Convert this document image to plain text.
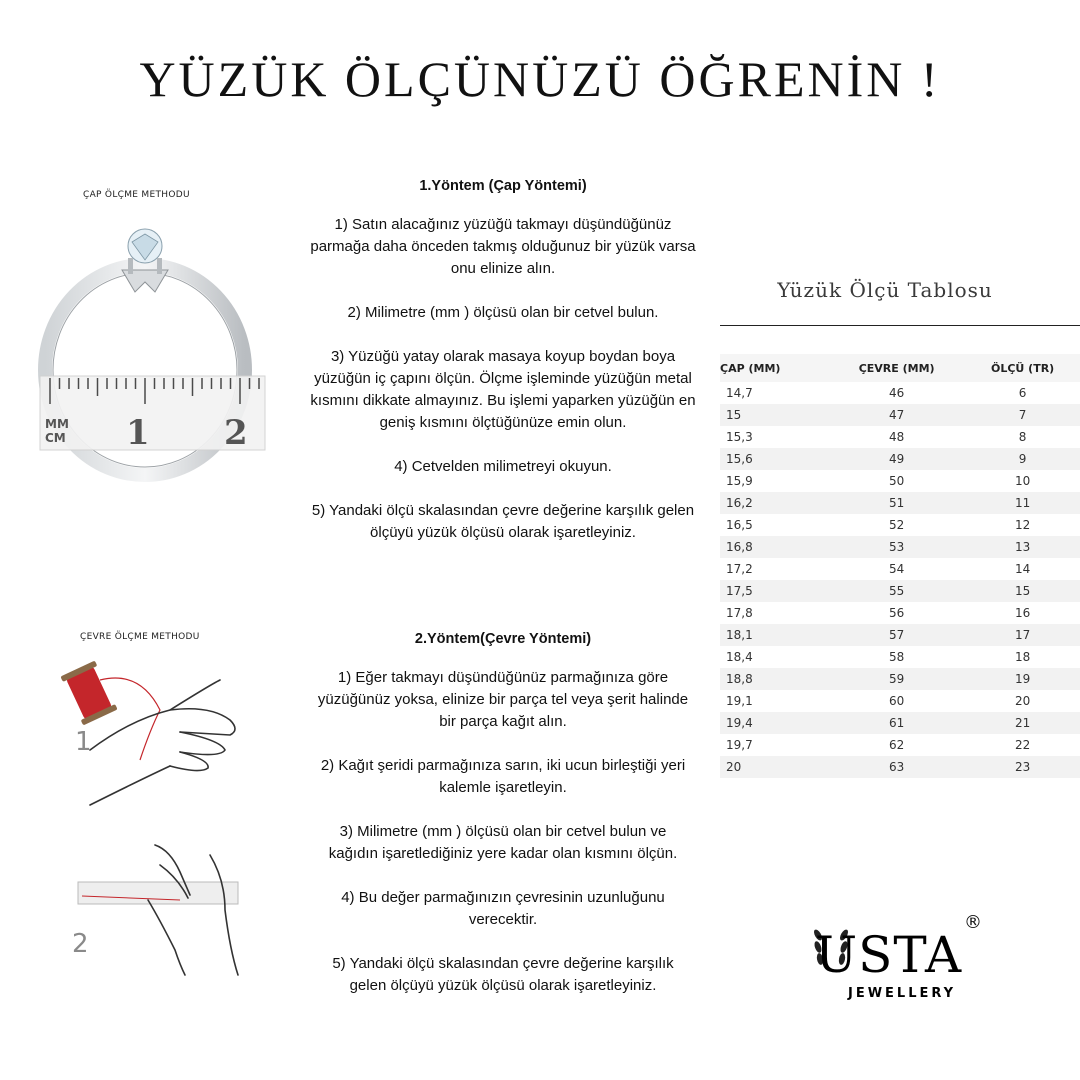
YÜZÜK ÖLÇÜNÜZÜ ÖĞRENİN !
ÇAP ÖLÇME METHODU
MM
CM 1 2
1.Yöntem (Çap Yöntemi)

1) Satın alacağınız yüzüğü takmayı düşündüğünüz parmağa daha önceden takmış olduğunuz bir yüzük varsa onu elinize alın.

2) Milimetre (mm ) ölçüsü olan bir cetvel bulun.

3) Yüzüğü yatay olarak masaya koyup boydan boya yüzüğün iç çapını ölçün. Ölçme işleminde yüzüğün metal kısmını dikkate almayınız. Bu işlemi yaparken yüzüğün en geniş kısmını ölçtüğünüze emin olun.

4) Cetvelden milimetreyi okuyun.

5) Yandaki ölçü skalasından çevre değerine karşılık gelen ölçüyü yüzük ölçüsü olarak işaretleyiniz.

ÇEVRE ÖLÇME METHODU
1
2
2.Yöntem(Çevre Yöntemi)

1) Eğer takmayı düşündüğünüz parmağınıza göre yüzüğünüz yoksa, elinize bir parça tel veya şerit halinde bir parça kağıt alın.

2) Kağıt şeridi parmağınıza sarın, iki ucun birleştiği yeri kalemle işaretleyin.

3) Milimetre (mm ) ölçüsü olan bir cetvel bulun ve kağıdın işaretlediğiniz yere kadar olan kısmını ölçün.

4) Bu değer parmağınızın çevresinin uzunluğunu verecektir.

5) Yandaki ölçü skalasından çevre değerine karşılık gelen ölçüyü yüzük ölçüsü olarak işaretleyiniz.

Yüzük Ölçü Tablosu
ÇAP (MM)	ÇEVRE (MM)	ÖLÇÜ (TR)
14,7	46	6
15	47	7
15,3	48	8
15,6	49	9
15,9	50	10
16,2	51	11
16,5	52	12
16,8	53	13
17,2	54	14
17,5	55	15
17,8	56	16
18,1	57	17
18,4	58	18
18,8	59	19
19,1	60	20
19,4	61	21
19,7	62	22
20	63	23
USTA
®
JEWELLERY
